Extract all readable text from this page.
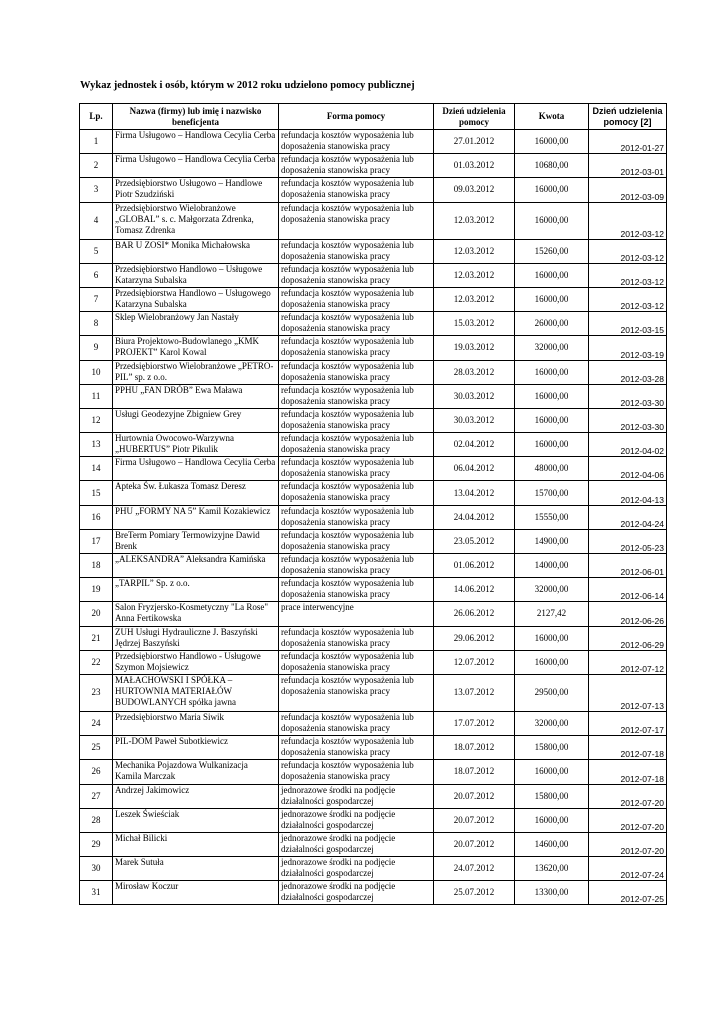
Wykaz jednostek i osób, którym w 2012 roku udzielono pomocy publicznej
Lp.	Nazwa (firmy) lub imię i nazwisko beneficjenta	Forma pomocy	Dzień udzielenia pomocy	Kwota	Dzień udzielenia pomocy [2]
1	Firma Usługowo – Handlowa Cecylia Cerba	refundacja kosztów wyposażenia lub doposażenia stanowiska pracy	27.01.2012	16000,00	2012-01-27
2	Firma Usługowo – Handlowa Cecylia Cerba	refundacja kosztów wyposażenia lub doposażenia stanowiska pracy	01.03.2012	10680,00	2012-03-01
3	Przedsiębiorstwo Usługowo – Handlowe Piotr Szudziński	refundacja kosztów wyposażenia lub doposażenia stanowiska pracy	09.03.2012	16000,00	2012-03-09
4	Przedsiębiorstwo Wielobranżowe „GLOBAL” s. c. Małgorzata Zdrenka, Tomasz Zdrenka	refundacja kosztów wyposażenia lub doposażenia stanowiska pracy	12.03.2012	16000,00	2012-03-12
5	BAR U ZOSI* Monika Michałowska	refundacja kosztów wyposażenia lub doposażenia stanowiska pracy	12.03.2012	15260,00	2012-03-12
6	Przedsiębiorstwo Handlowo – Usługowe Katarzyna Subalska	refundacja kosztów wyposażenia lub doposażenia stanowiska pracy	12.03.2012	16000,00	2012-03-12
7	Przedsiębiorstwa Handlowo – Usługowego Katarzyna Subalska	refundacja kosztów wyposażenia lub doposażenia stanowiska pracy	12.03.2012	16000,00	2012-03-12
8	Sklep Wielobranżowy Jan Nastały	refundacja kosztów wyposażenia lub doposażenia stanowiska pracy	15.03.2012	26000,00	2012-03-15
9	Biura Projektowo-Budowlanego „KMK PROJEKT” Karol Kowal	refundacja kosztów wyposażenia lub doposażenia stanowiska pracy	19.03.2012	32000,00	2012-03-19
10	Przedsiębiorstwo Wielobranżowe „PETRO-PIL” sp. z o.o.	refundacja kosztów wyposażenia lub doposażenia stanowiska pracy	28.03.2012	16000,00	2012-03-28
11	PPHU „FAN DRÓB” Ewa Maława	refundacja kosztów wyposażenia lub doposażenia stanowiska pracy	30.03.2012	16000,00	2012-03-30
12	Usługi Geodezyjne Zbigniew Grey	refundacja kosztów wyposażenia lub doposażenia stanowiska pracy	30.03.2012	16000,00	2012-03-30
13	Hurtownia Owocowo-Warzywna „HUBERTUS” Piotr Pikulik	refundacja kosztów wyposażenia lub doposażenia stanowiska pracy	02.04.2012	16000,00	2012-04-02
14	Firma Usługowo – Handlowa Cecylia Cerba	refundacja kosztów wyposażenia lub doposażenia stanowiska pracy	06.04.2012	48000,00	2012-04-06
15	Apteka Św. Łukasza Tomasz Deresz	refundacja kosztów wyposażenia lub doposażenia stanowiska pracy	13.04.2012	15700,00	2012-04-13
16	PHU „FORMY NA 5” Kamil Kozakiewicz	refundacja kosztów wyposażenia lub doposażenia stanowiska pracy	24.04.2012	15550,00	2012-04-24
17	BreTerm Pomiary Termowizyjne Dawid Brenk	refundacja kosztów wyposażenia lub doposażenia stanowiska pracy	23.05.2012	14900,00	2012-05-23
18	„ALEKSANDRA” Aleksandra Kamińska	refundacja kosztów wyposażenia lub doposażenia stanowiska pracy	01.06.2012	14000,00	2012-06-01
19	„TARPIL” Sp. z o.o.	refundacja kosztów wyposażenia lub doposażenia stanowiska pracy	14.06.2012	32000,00	2012-06-14
20	Salon Fryzjersko-Kosmetyczny "La Rose" Anna Fertikowska	prace interwencyjne	26.06.2012	2127,42	2012-06-26
21	ZUH Usługi Hydrauliczne J. Baszyński Jędrzej Baszyński	refundacja kosztów wyposażenia lub doposażenia stanowiska pracy	29.06.2012	16000,00	2012-06-29
22	Przedsiębiorstwo Handlowo - Usługowe Szymon Mojsiewicz	refundacja kosztów wyposażenia lub doposażenia stanowiska pracy	12.07.2012	16000,00	2012-07-12
23	MAŁACHOWSKI I SPÓŁKA – HURTOWNIA MATERIAŁÓW BUDOWLANYCH spółka jawna	refundacja kosztów wyposażenia lub doposażenia stanowiska pracy	13.07.2012	29500,00	2012-07-13
24	Przedsiębiorstwo Maria Siwik	refundacja kosztów wyposażenia lub doposażenia stanowiska pracy	17.07.2012	32000,00	2012-07-17
25	PIL-DOM Paweł Subotkiewicz	refundacja kosztów wyposażenia lub doposażenia stanowiska pracy	18.07.2012	15800,00	2012-07-18
26	Mechanika Pojazdowa Wulkanizacja Kamila Marczak	refundacja kosztów wyposażenia lub doposażenia stanowiska pracy	18.07.2012	16000,00	2012-07-18
27	Andrzej Jakimowicz	jednorazowe środki na podjęcie działalności gospodarczej	20.07.2012	15800,00	2012-07-20
28	Leszek Świeściak	jednorazowe środki na podjęcie działalności gospodarczej	20.07.2012	16000,00	2012-07-20
29	Michał Bilicki	jednorazowe środki na podjęcie działalności gospodarczej	20.07.2012	14600,00	2012-07-20
30	Marek Sutuła	jednorazowe środki na podjęcie działalności gospodarczej	24.07.2012	13620,00	2012-07-24
31	Mirosław Koczur	jednorazowe środki na podjęcie działalności gospodarczej	25.07.2012	13300,00	2012-07-25
